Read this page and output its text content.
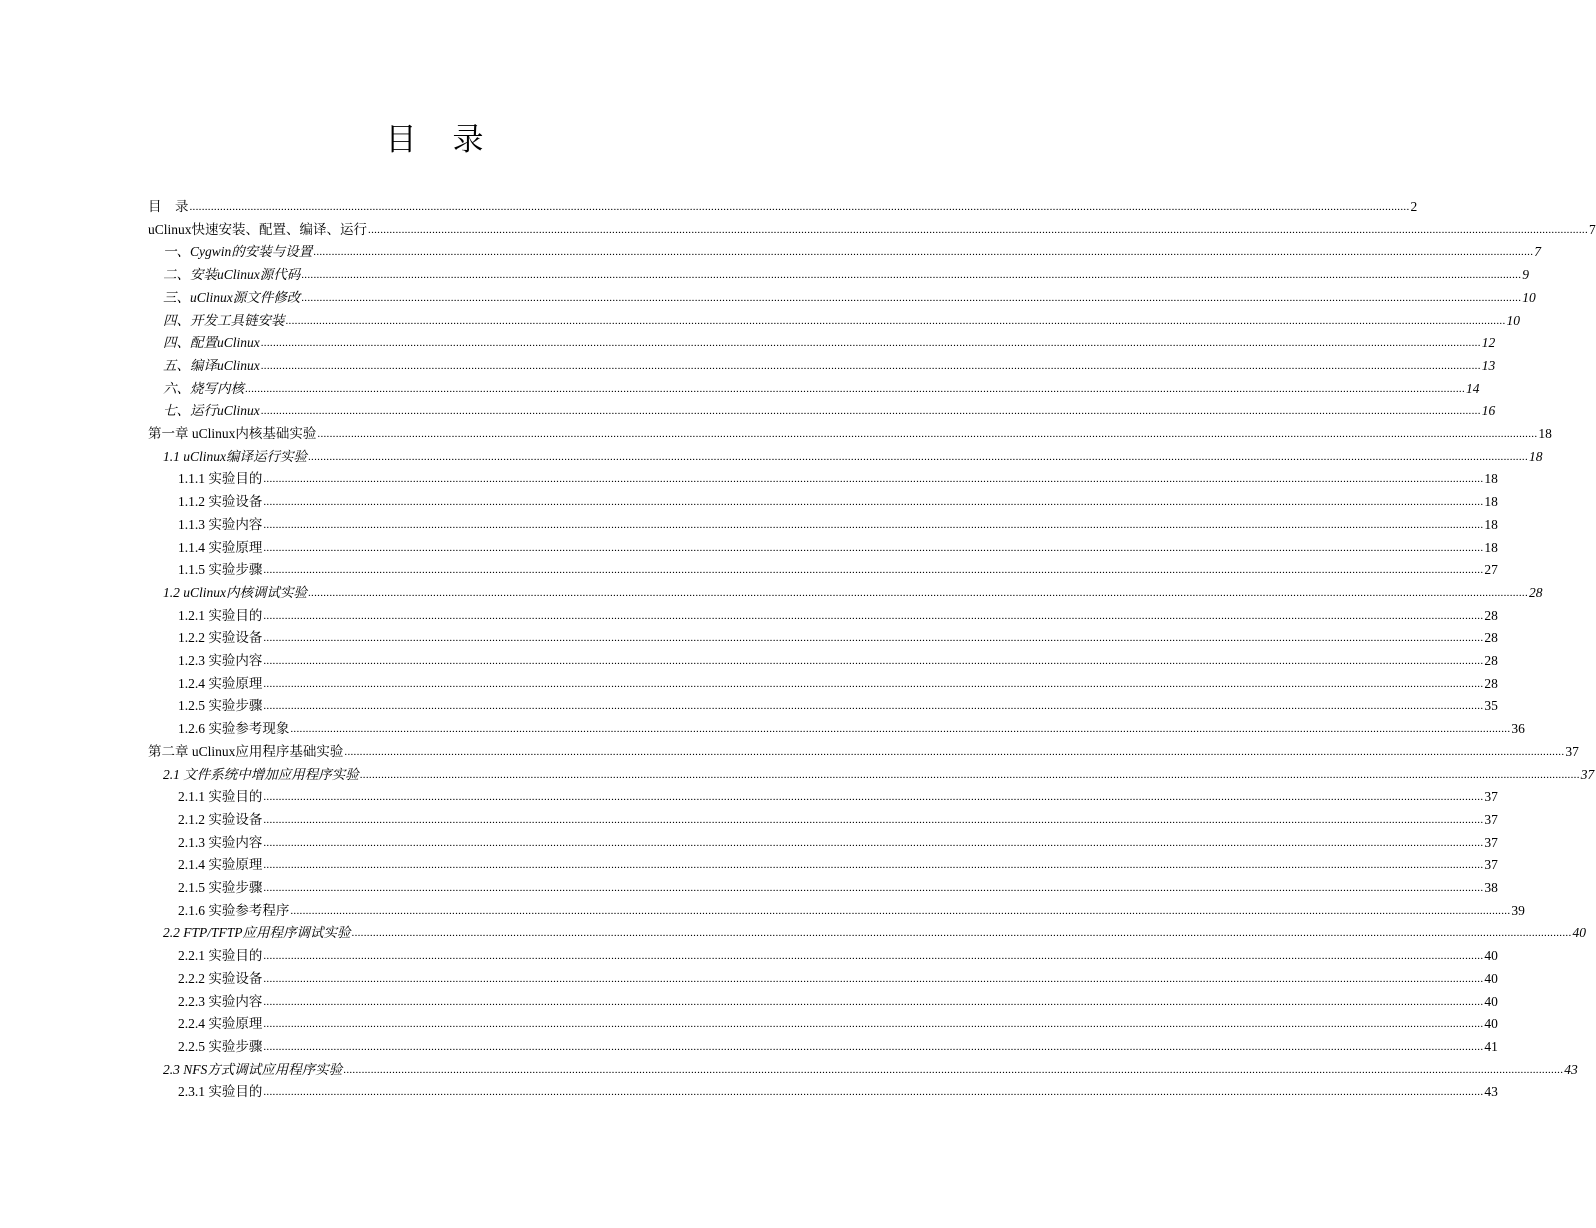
目录
目　录 ................................................................................................................................................................................................................................................................................................................................................................................................................ 2
uClinux快速安装、配置、编译、运行 ................................................................................................................................................................................................................................................................................................................................................................................................................ 7
一、Cygwin的安装与设置 ................................................................................................................................................................................................................................................................................................................................................................................................................ 7
二、安装uClinux源代码 ................................................................................................................................................................................................................................................................................................................................................................................................................ 9
三、uClinux源文件修改 ................................................................................................................................................................................................................................................................................................................................................................................................................ 10
四、开发工具链安装 ................................................................................................................................................................................................................................................................................................................................................................................................................ 10
四、配置uClinux ................................................................................................................................................................................................................................................................................................................................................................................................................ 12
五、编译uClinux ................................................................................................................................................................................................................................................................................................................................................................................................................ 13
六、烧写内核 ................................................................................................................................................................................................................................................................................................................................................................................................................ 14
七、运行uClinux ................................................................................................................................................................................................................................................................................................................................................................................................................ 16
第一章 uClinux内核基础实验 ................................................................................................................................................................................................................................................................................................................................................................................................................ 18
1.1 uClinux编译运行实验 ................................................................................................................................................................................................................................................................................................................................................................................................................ 18
1.1.1 实验目的 ................................................................................................................................................................................................................................................................................................................................................................................................................ 18
1.1.2 实验设备 ................................................................................................................................................................................................................................................................................................................................................................................................................ 18
1.1.3 实验内容 ................................................................................................................................................................................................................................................................................................................................................................................................................ 18
1.1.4 实验原理 ................................................................................................................................................................................................................................................................................................................................................................................................................ 18
1.1.5 实验步骤 ................................................................................................................................................................................................................................................................................................................................................................................................................ 27
1.2 uClinux内核调试实验 ................................................................................................................................................................................................................................................................................................................................................................................................................ 28
1.2.1 实验目的 ................................................................................................................................................................................................................................................................................................................................................................................................................ 28
1.2.2 实验设备 ................................................................................................................................................................................................................................................................................................................................................................................................................ 28
1.2.3 实验内容 ................................................................................................................................................................................................................................................................................................................................................................................................................ 28
1.2.4 实验原理 ................................................................................................................................................................................................................................................................................................................................................................................................................ 28
1.2.5 实验步骤 ................................................................................................................................................................................................................................................................................................................................................................................................................ 35
1.2.6 实验参考现象 ................................................................................................................................................................................................................................................................................................................................................................................................................ 36
第二章 uClinux应用程序基础实验 ................................................................................................................................................................................................................................................................................................................................................................................................................ 37
2.1 文件系统中增加应用程序实验 ................................................................................................................................................................................................................................................................................................................................................................................................................ 37
2.1.1 实验目的 ................................................................................................................................................................................................................................................................................................................................................................................................................ 37
2.1.2 实验设备 ................................................................................................................................................................................................................................................................................................................................................................................................................ 37
2.1.3 实验内容 ................................................................................................................................................................................................................................................................................................................................................................................................................ 37
2.1.4 实验原理 ................................................................................................................................................................................................................................................................................................................................................................................................................ 37
2.1.5 实验步骤 ................................................................................................................................................................................................................................................................................................................................................................................................................ 38
2.1.6 实验参考程序 ................................................................................................................................................................................................................................................................................................................................................................................................................ 39
2.2 FTP/TFTP应用程序调试实验 ................................................................................................................................................................................................................................................................................................................................................................................................................ 40
2.2.1 实验目的 ................................................................................................................................................................................................................................................................................................................................................................................................................ 40
2.2.2 实验设备 ................................................................................................................................................................................................................................................................................................................................................................................................................ 40
2.2.3 实验内容 ................................................................................................................................................................................................................................................................................................................................................................................................................ 40
2.2.4 实验原理 ................................................................................................................................................................................................................................................................................................................................................................................................................ 40
2.2.5 实验步骤 ................................................................................................................................................................................................................................................................................................................................................................................................................ 41
2.3 NFS方式调试应用程序实验 ................................................................................................................................................................................................................................................................................................................................................................................................................ 43
2.3.1 实验目的 ................................................................................................................................................................................................................................................................................................................................................................................................................ 43
